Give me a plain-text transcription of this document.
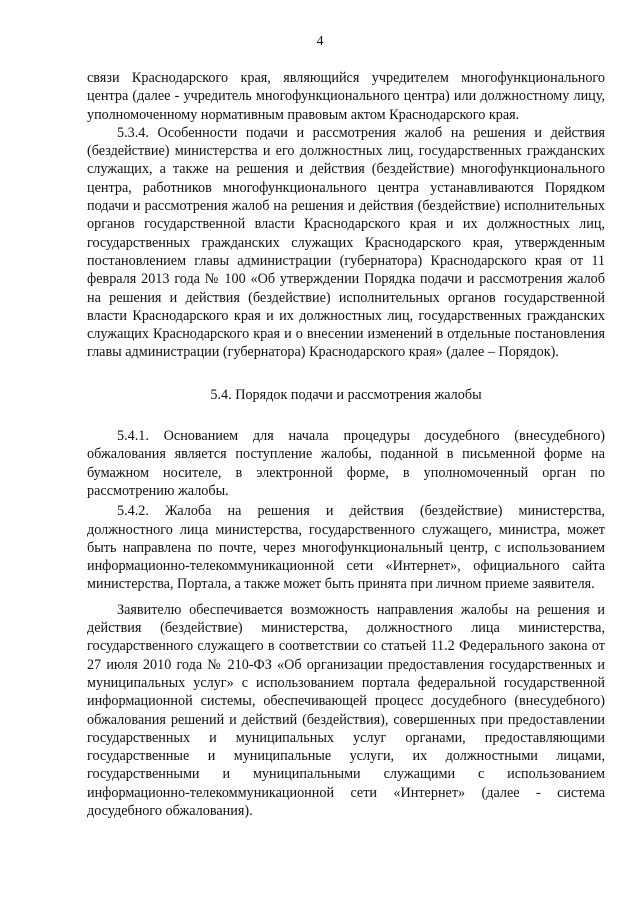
4

связи Краснодарского края, являющийся учредителем многофункционального центра (далее - учредитель многофункционального центра) или должностному лицу, уполномоченному нормативным правовым актом Краснодарского края.

5.3.4. Особенности подачи и рассмотрения жалоб на решения и действия (бездействие) министерства и его должностных лиц, государственных гражданских служащих, а также на решения и действия (бездействие) многофункционального центра, работников многофункционального центра устанавливаются Порядком подачи и рассмотрения жалоб на решения и действия (бездействие) исполнительных органов государственной власти Краснодарского края и их должностных лиц, государственных гражданских служащих Краснодарского края, утвержденным постановлением главы администрации (губернатора) Краснодарского края от 11 февраля 2013 года № 100 «Об утверждении Порядка подачи и рассмотрения жалоб на решения и действия (бездействие) исполнительных органов государственной власти Краснодарского края и их должностных лиц, государственных гражданских служащих Краснодарского края и о внесении изменений в отдельные постановления главы администрации (губернатора) Краснодарского края» (далее – Порядок).

5.4. Порядок подачи и рассмотрения жалобы

5.4.1. Основанием для начала процедуры досудебного (внесудебного) обжалования является поступление жалобы, поданной в письменной форме на бумажном носителе, в электронной форме, в уполномоченный орган по рассмотрению жалобы.

5.4.2. Жалоба на решения и действия (бездействие) министерства, должностного лица министерства, государственного служащего, министра, может быть направлена по почте, через многофункциональный центр, с использованием информационно-телекоммуникационной сети «Интернет», официального сайта министерства, Портала, а также может быть принята при личном приеме заявителя.

Заявителю обеспечивается возможность направления жалобы на решения и действия (бездействие) министерства, должностного лица министерства, государственного служащего в соответствии со статьей 11.2 Федерального закона от 27 июля 2010 года № 210-ФЗ «Об организации предоставления государственных и муниципальных услуг» с использованием портала федеральной государственной информационной системы, обеспечивающей процесс досудебного (внесудебного) обжалования решений и действий (бездействия), совершенных при предоставлении государственных и муниципальных услуг органами, предоставляющими государственные и муниципальные услуги, их должностными лицами, государственными и муниципальными служащими с использованием информационно-телекоммуникационной сети «Интернет» (далее - система досудебного обжалования).
